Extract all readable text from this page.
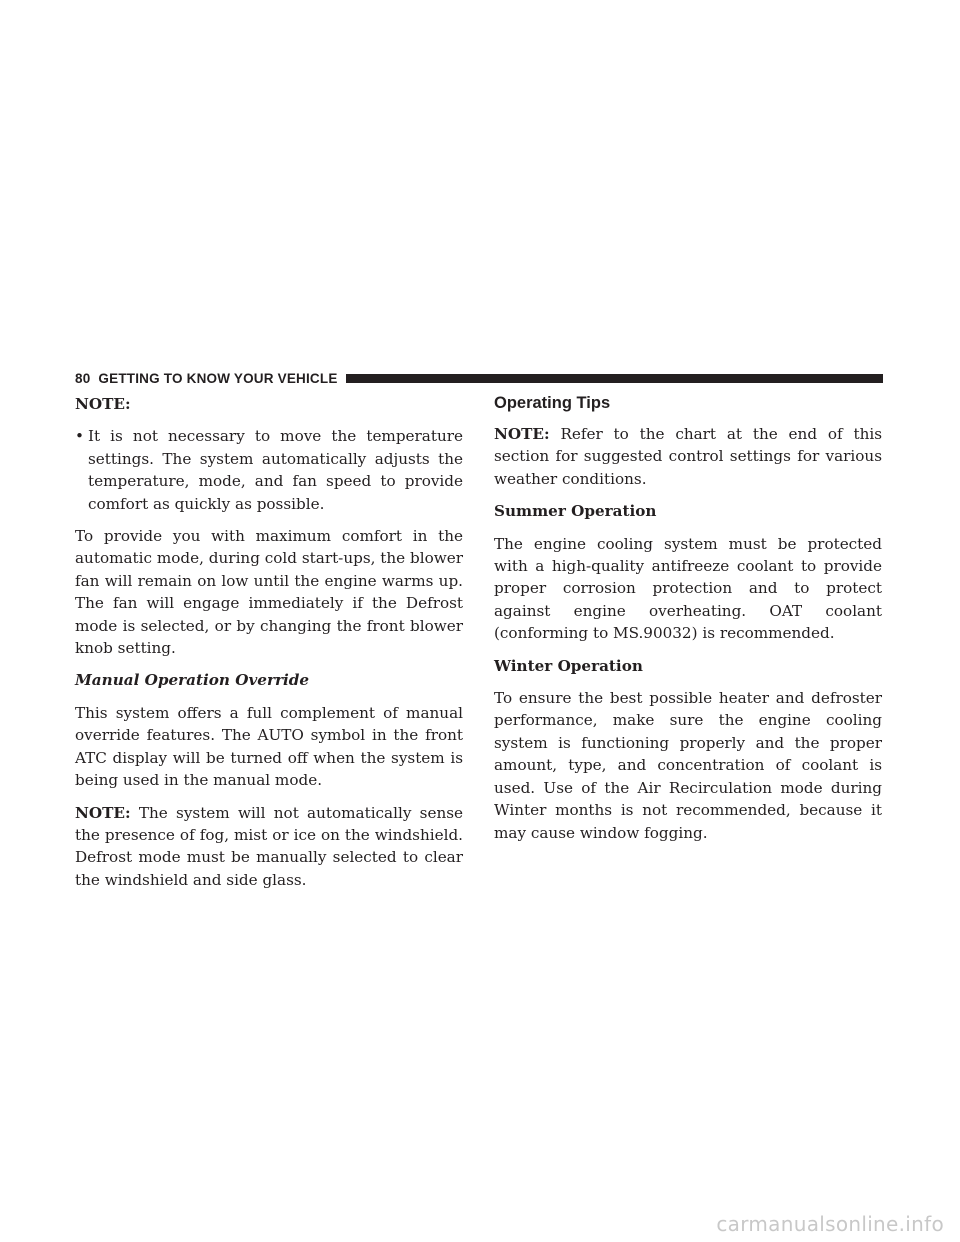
80 GETTING TO KNOW YOUR VEHICLE

NOTE:

• It is not necessary to move the temperature settings. The system automatically adjusts the temperature, mode, and fan speed to provide comfort as quickly as possible.

To provide you with maximum comfort in the automatic mode, during cold start-ups, the blower fan will remain on low until the engine warms up. The fan will engage immediately if the Defrost mode is selected, or by changing the front blower knob setting.

Manual Operation Override

This system offers a full complement of manual override features. The AUTO symbol in the front ATC display will be turned off when the system is being used in the manual mode.

NOTE: The system will not automatically sense the presence of fog, mist or ice on the windshield. Defrost mode must be manually selected to clear the windshield and side glass.

Operating Tips

NOTE: Refer to the chart at the end of this section for suggested control settings for various weather conditions.

Summer Operation

The engine cooling system must be protected with a high-quality antifreeze coolant to provide proper corrosion protection and to protect against engine overheating. OAT coolant (conforming to MS.90032) is recommended.

Winter Operation

To ensure the best possible heater and defroster performance, make sure the engine cooling system is functioning properly and the proper amount, type, and concentration of coolant is used. Use of the Air Recirculation mode during Winter months is not recommended, because it may cause window fogging.

carmanualsonline.info
